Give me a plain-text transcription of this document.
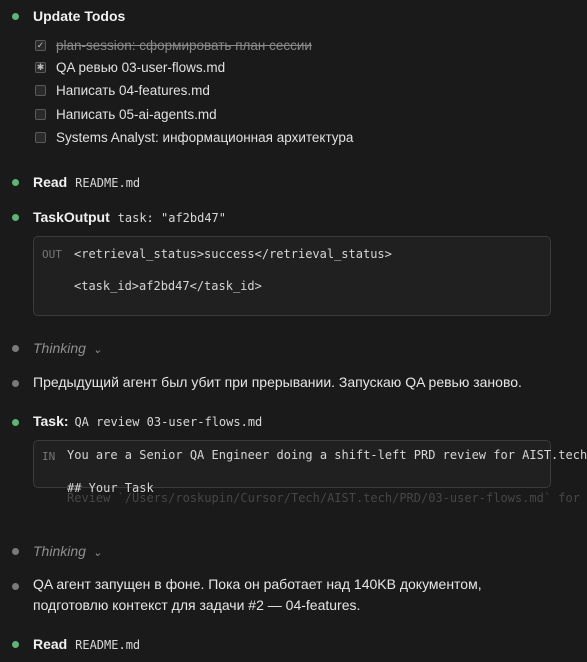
Update Todos
✓ plan-session: сформировать план сессии
✱ QA ревью 03-user-flows.md
Написать 04-features.md
Написать 05-ai-agents.md
Systems Analyst: информационная архитектура
Read README.md
TaskOutput task: "af2bd47"
OUT <retrieval_status>success</retrieval_status>
<task_id>af2bd47</task_id>
Thinking ⌄
Предыдущий агент был убит при прерывании. Запускаю QA ревью заново.
Task: QA review 03-user-flows.md
IN You are a Senior QA Engineer doing a shift-left PRD review for AIST.tech
## Your Task
Review `/Users/roskupin/Cursor/Tech/AIST.tech/PRD/03-user-flows.md` for
Thinking ⌄
QA агент запущен в фоне. Пока он работает над 140KB документом, подготовлю контекст для задачи #2 — 04-features.
Read README.md
